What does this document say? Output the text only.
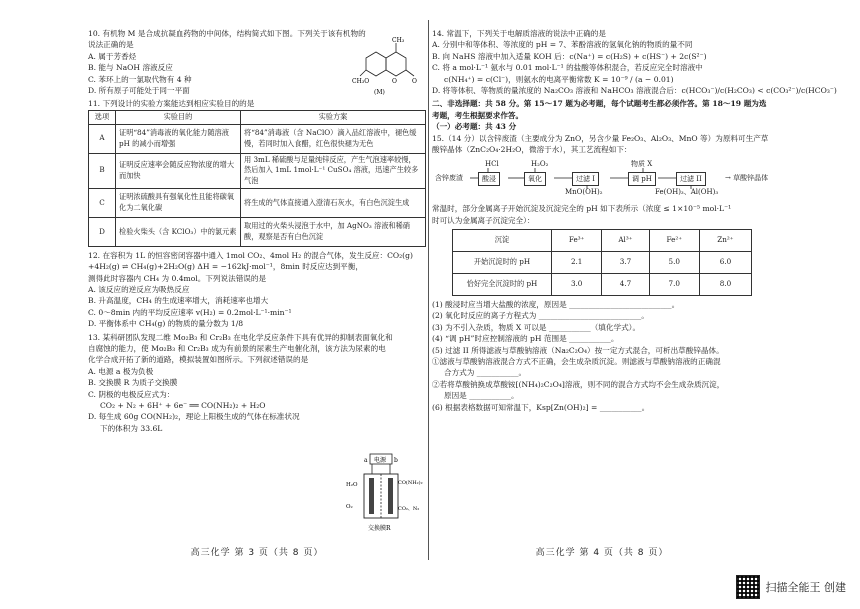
10. 有机物 M 是合成抗凝血药物的中间体，结构简式如下图。下列关于该有机物的
说法正确的是
A. 属于芳香烃
B. 能与 NaOH 溶液反应
C. 苯环上的一氯取代物有 4 种
D. 所有原子可能处于同一平面
CH₃
CH₃O	O
O
(M)
11. 下列设计的实验方案能达到相应实验目的的是
选项	实验目的	实验方案
A	证明“84”消毒液的氧化能力随溶液 pH 的减小而增强	将“84”消毒液（含 NaClO）滴入品红溶液中，褪色缓慢，若同时加入食醋，红色很快褪为无色
B	证明反应速率会随反应物浓度的增大而加快	用 3mL 稀硫酸与足量纯锌反应，产生气泡速率较慢，然后加入 1mL 1mol·L⁻¹ CuSO₄ 溶液，迅速产生较多气泡
C	证明浓硫酸具有强氧化性且能将碳氧化为二氧化碳	将生成的气体直接通入澄清石灰水，有白色沉淀生成
D	检验火柴头（含 KClO₃）中的氯元素	取用过的火柴头浸泡于水中，加 AgNO₃ 溶液和稀硝酸，观察是否有白色沉淀
12. 在容积为 1L 的恒容密闭容器中通入 1mol CO₂、4mol H₂ 的混合气体，发生反应：CO₂(g)
+4H₂(g) ⇌ CH₄(g)+2H₂O(g) ΔH = −162kJ·mol⁻¹，8min 时反应达到平衡，
测得此时容器内 CH₄ 为 0.4mol。下列说法错误的是
A. 该反应的逆反应为吸热反应
B. 升高温度，CH₄ 的生成速率增大，消耗速率也增大
C. 0～8min 内的平均反应速率 v(H₂) = 0.2mol·L⁻¹·min⁻¹
D. 平衡体系中 CH₄(g) 的物质的量分数为 1/8
13. 某科研团队发现二维 Mo₂B₃ 和 Cr₂B₃ 在电化学反应条件下具有优异的抑制表面氧化和
自腐蚀的能力，使 Mo₂B₃ 和 Cr₂B₃ 成为有前景的尿素生产电催化剂，该方法为尿素的电
化学合成开拓了新的道路，模拟装置如图所示。下列叙述错误的是
A. 电源 a 极为负极
B. 交换膜 R 为质子交换膜
C. 阴极的电极反应式为：
CO₂ + N₂ + 6H⁺ + 6e⁻ ══ CO(NH₂)₂ + H₂O
D. 每生成 60g CO(NH₂)₂，理论上阳极生成的气体在标准状况
下的体积为 33.6L
电源
a	b
H₂O
O₂
CO(NH₂)₂
CO₂、N₂
交换膜R
高三化学 第 3 页（共 8 页）
14. 常温下，下列关于电解质溶液的说法中正确的是
A. 分别中和等体积、等浓度的 pH = 7、苯酚溶液的氢氧化钠的物质的量不同
B. 向 NaHS 溶液中加入适量 KOH 后：c(Na⁺) = c(H₂S) + c(HS⁻) + 2c(S²⁻)
C. 将 a mol·L⁻¹ 氨水与 0.01 mol·L⁻¹ 的盐酸等体积混合，若反应完全时溶液中
c(NH₄⁺) = c(Cl⁻)，则氨水的电离平衡常数 K = 10⁻⁹ / (a − 0.01)
D. 将等体积、等物质的量浓度的 Na₂CO₃ 溶液和 NaHCO₃ 溶液混合后：c(HCO₃⁻)/c(H₂CO₃) < c(CO₃²⁻)/c(HCO₃⁻)
二、非选择题：共 58 分。第 15～17 题为必考题，每个试题考生都必须作答。第 18～19 题为选
考题，考生根据要求作答。
（一）必考题：共 43 分
15.（14 分）以含锌废渣（主要成分为 ZnO，另含少量 Fe₂O₃、Al₂O₃、MnO 等）为原料可生产草
酸锌晶体（ZnC₂O₄·2H₂O，微溶于水），其工艺流程如下：
含锌废渣	酸浸	氧化	过滤 I	调 pH	过滤 II	→ 草酸锌晶体
HCl	H₂O₂	物质 X
MnO(OH)₂	Fe(OH)₃、Al(OH)₃
常温时，部分金属离子开始沉淀及沉淀完全的 pH 如下表所示（浓度 ≤ 1×10⁻⁵ mol·L⁻¹
时可认为金属离子沉淀完全）：
沉淀	Fe³⁺	Al³⁺	Fe²⁺	Zn²⁺
开始沉淀时的 pH	2.1	3.7	5.0	6.0
恰好完全沉淀时的 pH	3.0	4.7	7.0	8.0
(1) 酸浸时应当增大盐酸的浓度，原因是 ___________________________。
(2) 氧化时反应的离子方程式为 ___________________________。
(3) 为不引入杂质，物质 X 可以是 ___________（填化学式）。
(4) “调 pH”时应控制溶液的 pH 范围是 ___________。
(5) 过滤 II 所得滤液与草酸钠溶液（Na₂C₂O₄）按一定方式混合，可析出草酸锌晶体。
①滤液与草酸钠溶液混合方式不正确，会生成杂质沉淀。则滤液与草酸钠溶液的正确混
合方式为 ___________。
②若将草酸钠换成草酸铵[(NH₄)₂C₂O₄]溶液，则不同的混合方式均不会生成杂质沉淀，
原因是 ___________。
(6) 根据表格数据可知常温下，Ksp[Zn(OH)₂] = ___________。
高三化学 第 4 页（共 8 页）
扫描全能王 创建
